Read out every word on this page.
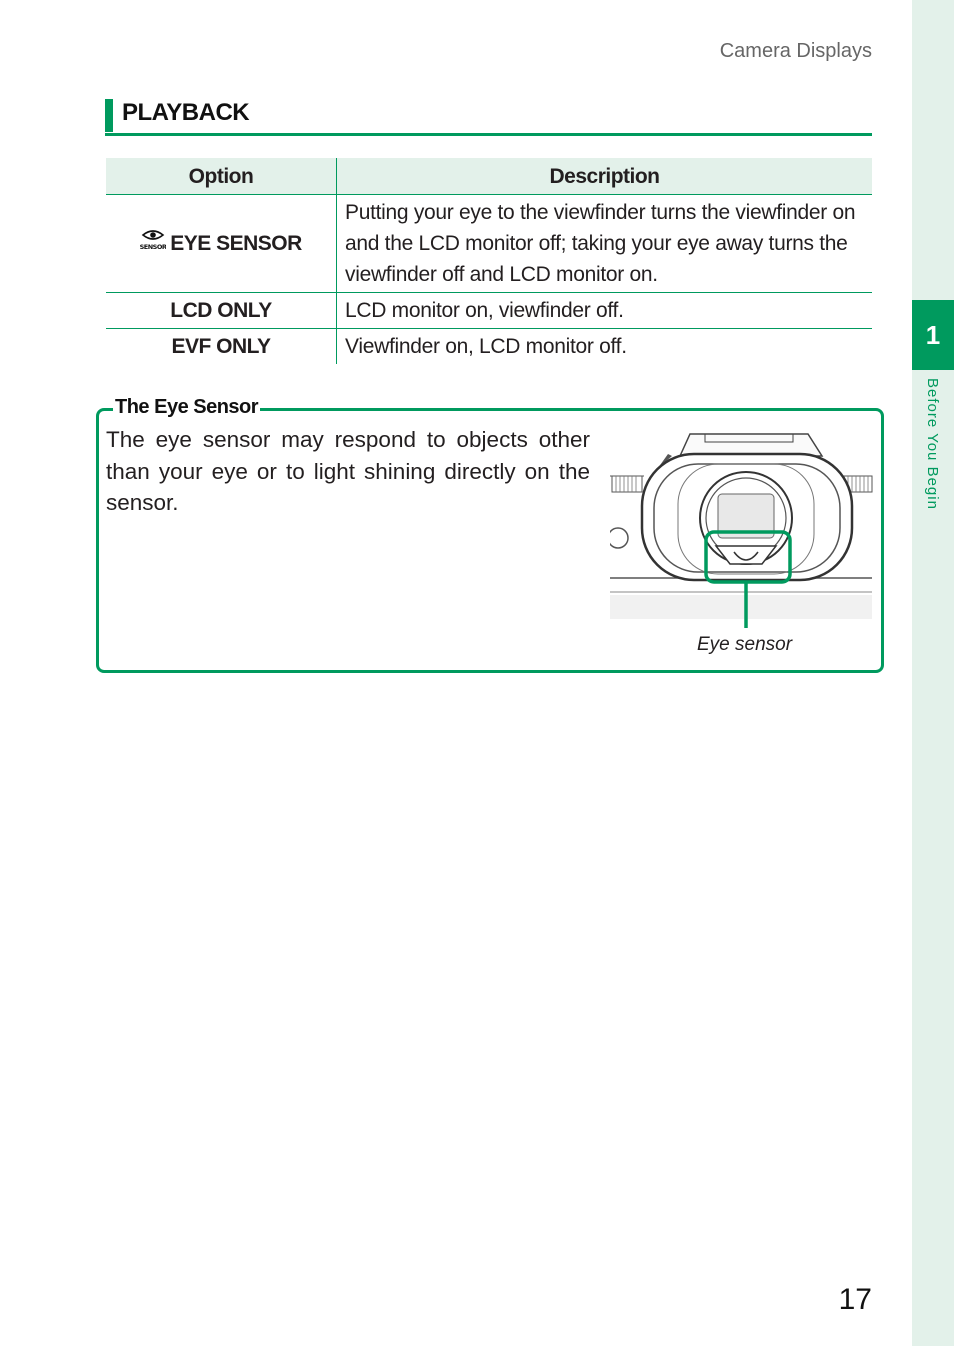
1
Before You Begin
Camera Displays
PLAYBACK
Option	Description

SENSOR EYE SENSOR	Putting your eye to the viewfinder turns the viewfinder on and the LCD monitor off; taking your eye away turns the viewfinder off and LCD monitor on.
LCD ONLY	LCD monitor on, viewfinder off.
EVF ONLY	Viewfinder on, LCD monitor off.
The Eye Sensor
The eye sensor may respond to objects other than your eye or to light shining directly on the sensor.
Eye sensor
17
